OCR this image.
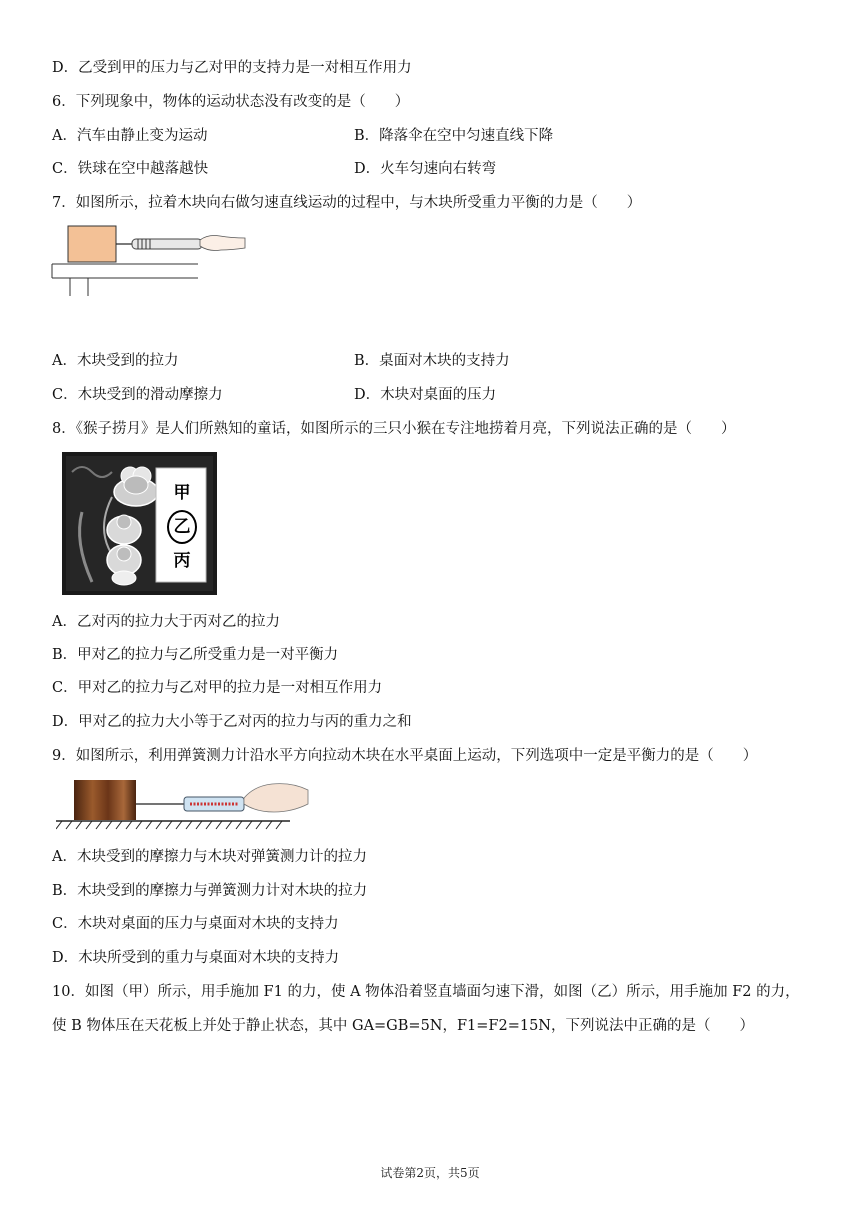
D．乙受到甲的压力与乙对甲的支持力是一对相互作用力
6．下列现象中，物体的运动状态没有改变的是（　　）
A．汽车由静止变为运动	B．降落伞在空中匀速直线下降
C．铁球在空中越落越快	D．火车匀速向右转弯
7．如图所示，拉着木块向右做匀速直线运动的过程中，与木块所受重力平衡的力是（　　）
A．木块受到的拉力	B．桌面对木块的支持力
C．木块受到的滑动摩擦力	D．木块对桌面的压力
8．《猴子捞月》是人们所熟知的童话，如图所示的三只小猴在专注地捞着月亮，下列说法正确的是（　　）
甲
乙
丙
A．乙对丙的拉力大于丙对乙的拉力
B．甲对乙的拉力与乙所受重力是一对平衡力
C．甲对乙的拉力与乙对甲的拉力是一对相互作用力
D．甲对乙的拉力大小等于乙对丙的拉力与丙的重力之和
9．如图所示，利用弹簧测力计沿水平方向拉动木块在水平桌面上运动，下列选项中一定是平衡力的是（　　）
A．木块受到的摩擦力与木块对弹簧测力计的拉力
B．木块受到的摩擦力与弹簧测力计对木块的拉力
C．木块对桌面的压力与桌面对木块的支持力
D．木块所受到的重力与桌面对木块的支持力
10．如图（甲）所示，用手施加 F1 的力，使 A 物体沿着竖直墙面匀速下滑，如图（乙）所示，用手施加 F2 的力，
使 B 物体压在天花板上并处于静止状态，其中 GA=GB=5N，F1=F2=15N，下列说法中正确的是（　　）
试卷第2页，共5页
